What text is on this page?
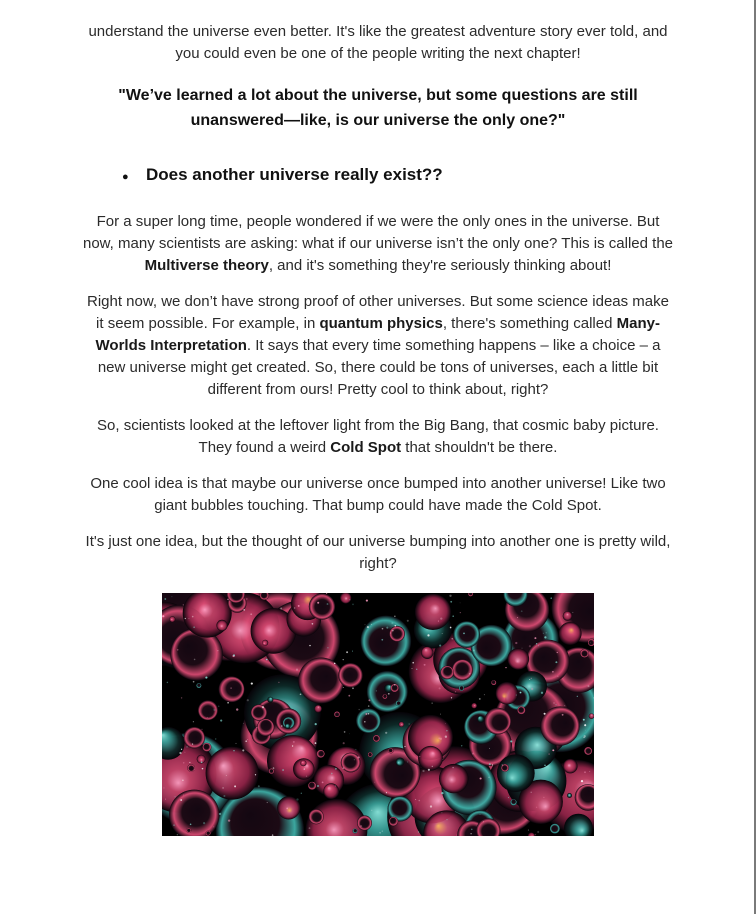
understand the universe even better. It's like the greatest adventure story ever told, and you could even be one of the people writing the next chapter!

"We’ve learned a lot about the universe, but some questions are still unanswered—like, is our universe the only one?"

● Does another universe really exist??

For a super long time, people wondered if we were the only ones in the universe. But now, many scientists are asking: what if our universe isn’t the only one? This is called the Multiverse theory, and it's something they're seriously thinking about!

Right now, we don’t have strong proof of other universes. But some science ideas make it seem possible. For example, in quantum physics, there's something called Many-Worlds Interpretation. It says that every time something happens – like a choice – a new universe might get created. So, there could be tons of universes, each a little bit different from ours! Pretty cool to think about, right?

So, scientists looked at the leftover light from the Big Bang, that cosmic baby picture. They found a weird Cold Spot that shouldn't be there.

One cool idea is that maybe our universe once bumped into another universe! Like two giant bubbles touching. That bump could have made the Cold Spot.

It's just one idea, but the thought of our universe bumping into another one is pretty wild, right?
